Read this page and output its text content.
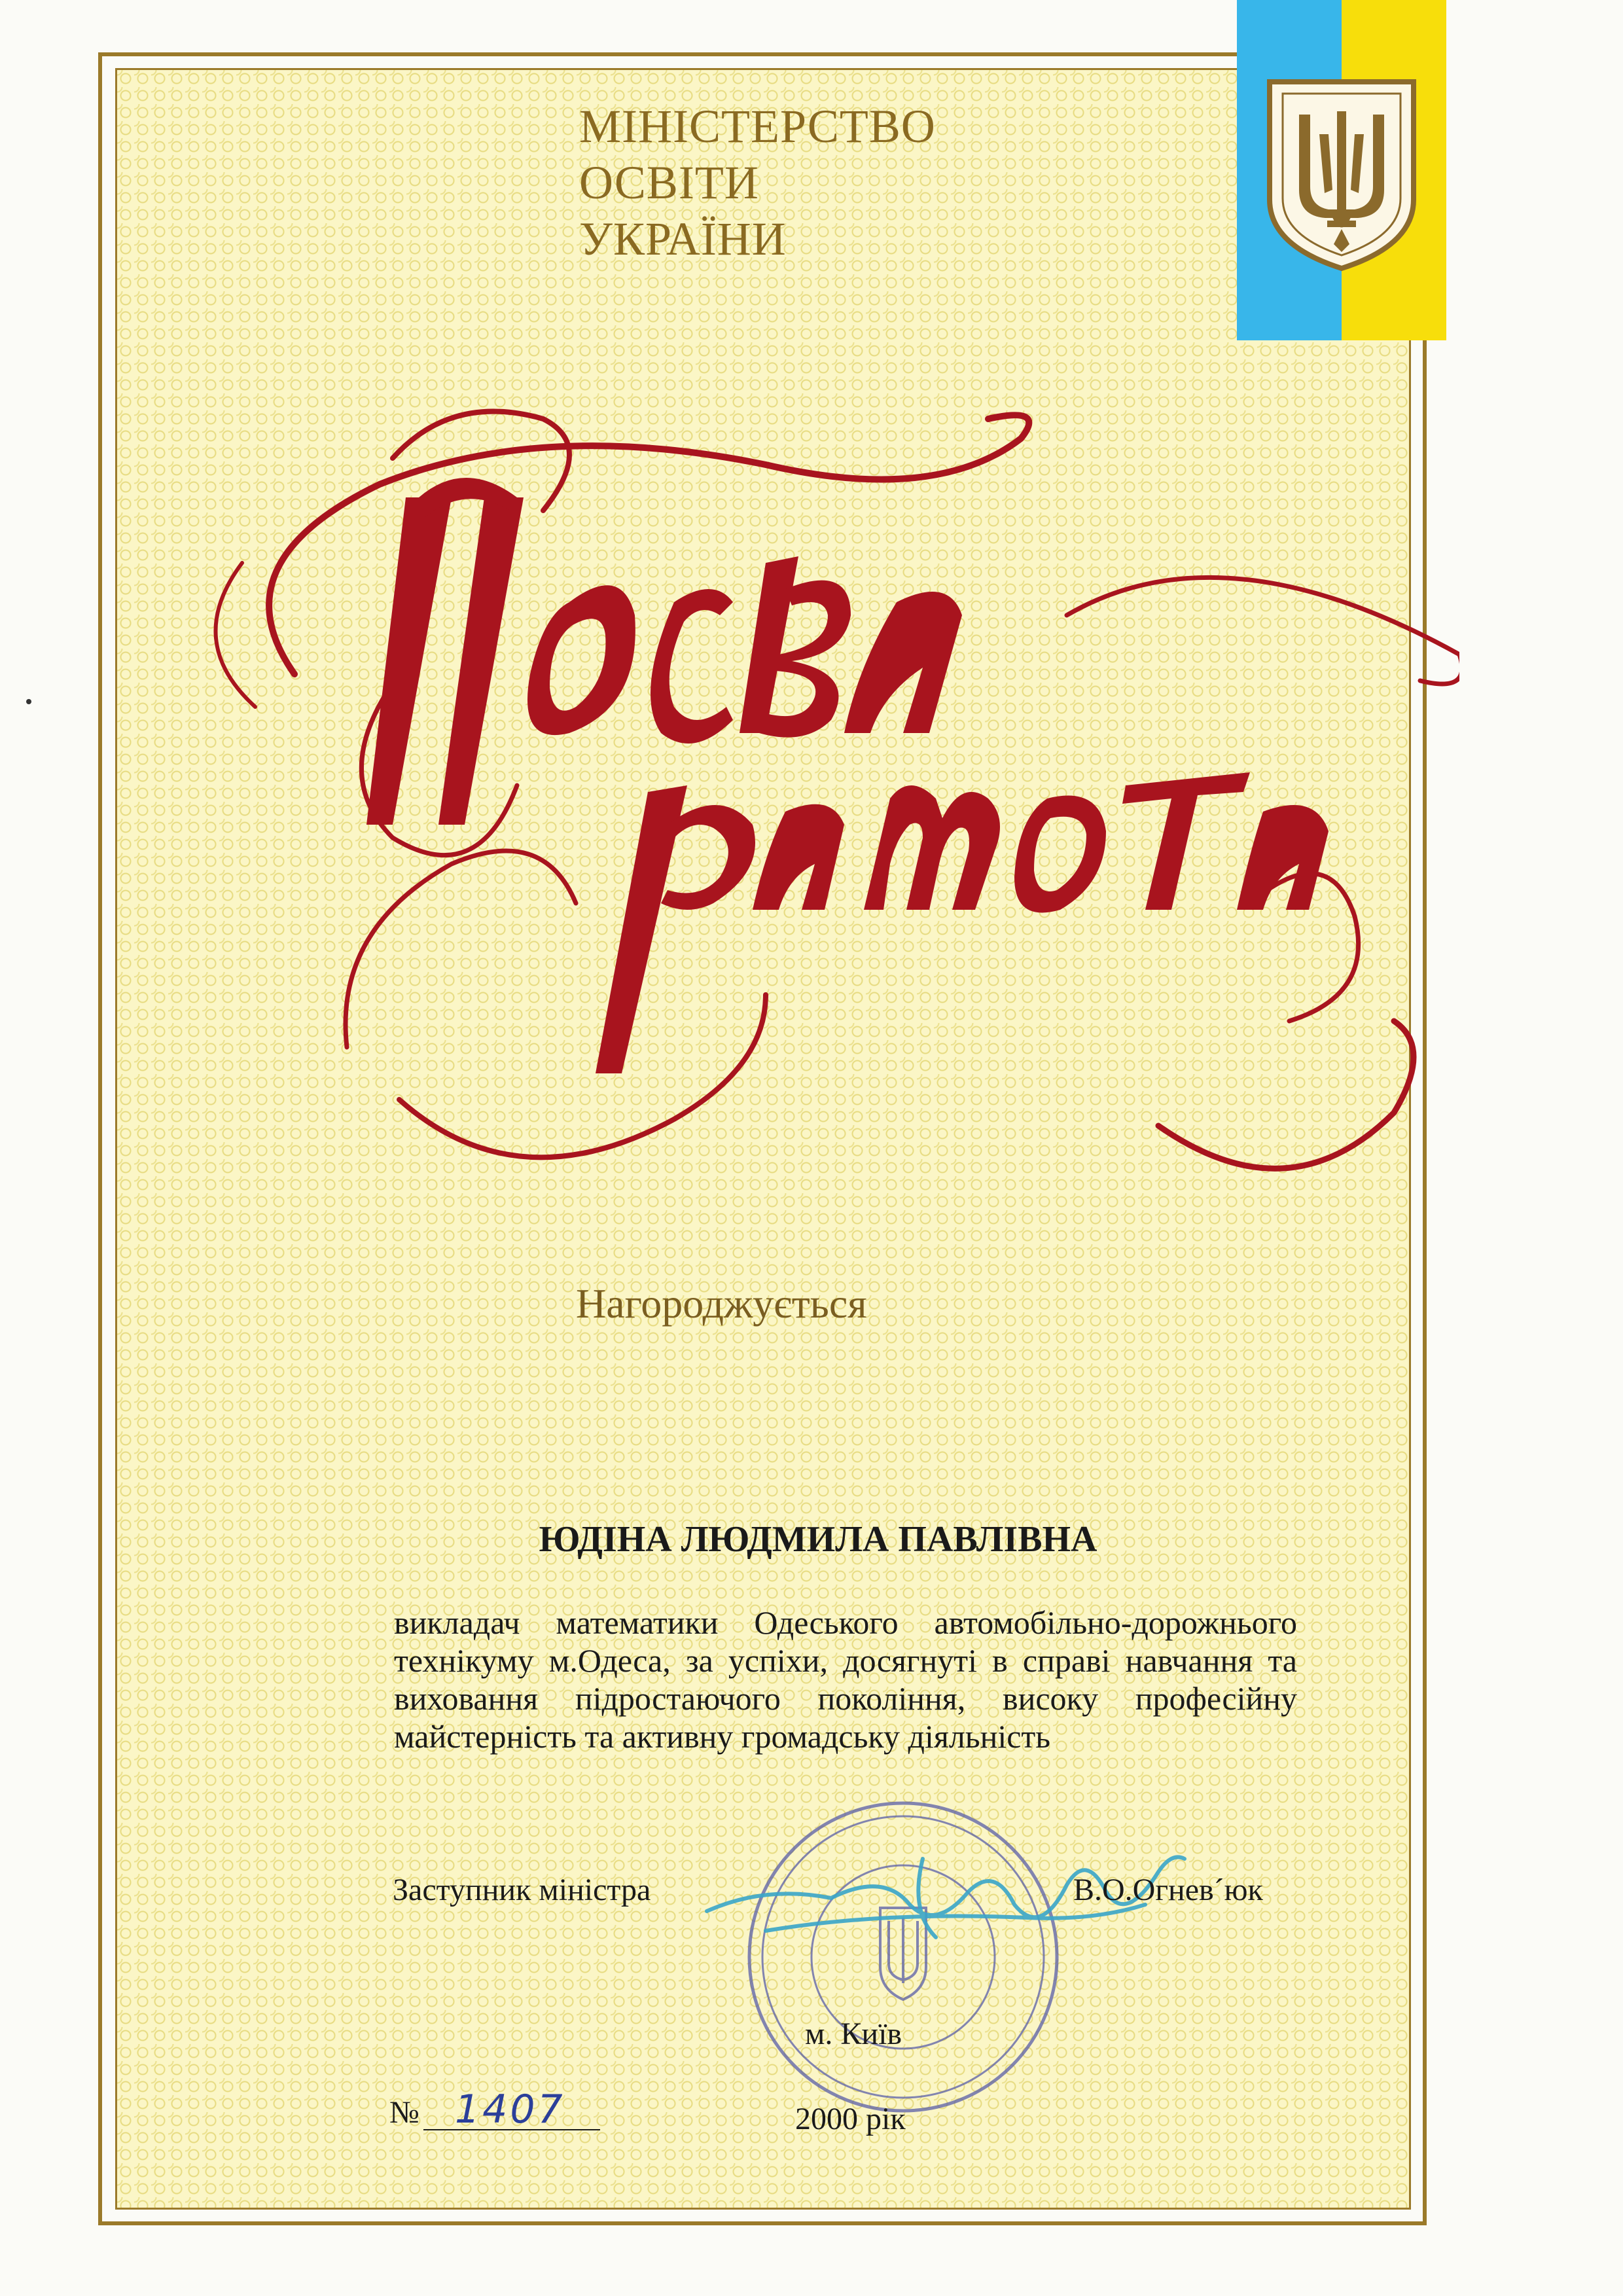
МІНІСТЕРСТВО
ОСВІТИ
УКРАЇНИ
Нагороджується
ЮДІНА ЛЮДМИЛА ПАВЛІВНА
викладач математики Одеського автомобільно-дорожнього технікуму м.Одеса, за успіхи, досягнуті в справі навчання та виховання підростаючого покоління, високу професійну майстерність та активну громадську діяльність
Заступник міністра	В.О.Огнев´юк
м. Київ
№ 1407	2000 рік
